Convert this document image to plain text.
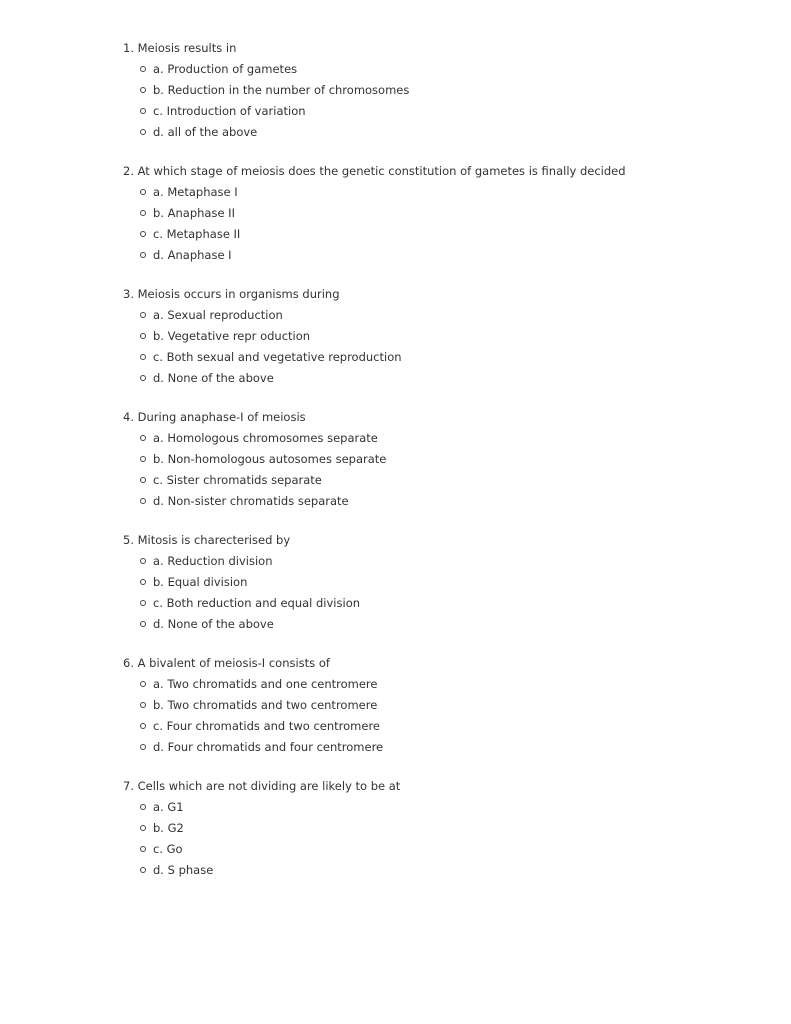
1. Meiosis results in
a. Production of gametes
b. Reduction in the number of chromosomes
c. Introduction of variation
d. all of the above
2. At which stage of meiosis does the genetic constitution of gametes is finally decided
a. Metaphase I
b. Anaphase II
c. Metaphase II
d. Anaphase I
3. Meiosis occurs in organisms during
a. Sexual reproduction
b. Vegetative repr oduction
c. Both sexual and vegetative reproduction
d. None of the above
4. During anaphase-I of meiosis
a. Homologous chromosomes separate
b. Non-homologous autosomes separate
c. Sister chromatids separate
d. Non-sister chromatids separate
5. Mitosis is charecterised by
a. Reduction division
b. Equal division
c. Both reduction and equal division
d. None of the above
6. A bivalent of meiosis-I consists of
a. Two chromatids and one centromere
b. Two chromatids and two centromere
c. Four chromatids and two centromere
d. Four chromatids and four centromere
7. Cells which are not dividing are likely to be at
a. G1
b. G2
c. Go
d. S phase
